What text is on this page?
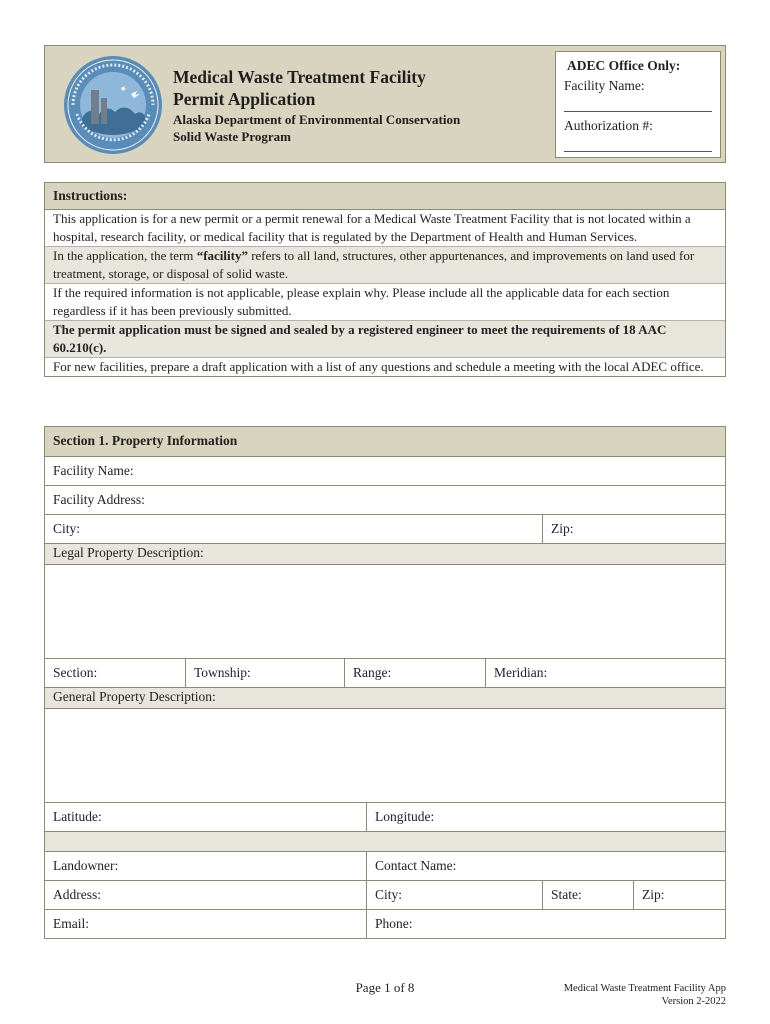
Medical Waste Treatment Facility
Permit Application
Alaska Department of Environmental Conservation
Solid Waste Program
ADEC Office Only:
Facility Name:
Authorization #:
Instructions:
This application is for a new permit or a permit renewal for a Medical Waste Treatment Facility that is not located within a hospital, research facility, or medical facility that is regulated by the Department of Health and Human Services.
In the application, the term “facility” refers to all land, structures, other appurtenances, and improvements on land used for treatment, storage, or disposal of solid waste.
If the required information is not applicable, please explain why. Please include all the applicable data for each section regardless if it has been previously submitted.
The permit application must be signed and sealed by a registered engineer to meet the requirements of 18 AAC 60.210(c).
For new facilities, prepare a draft application with a list of any questions and schedule a meeting with the local ADEC office.
Section 1. Property Information
Facility Name:
Facility Address:
City:	Zip:
Legal Property Description:
Section:	Township:	Range:	Meridian:
General Property Description:
Latitude:	Longitude:
Landowner:	Contact Name:
Address:	City:	State:	Zip:
Email:	Phone:
Page 1 of 8	Medical Waste Treatment Facility App
Version 2-2022
